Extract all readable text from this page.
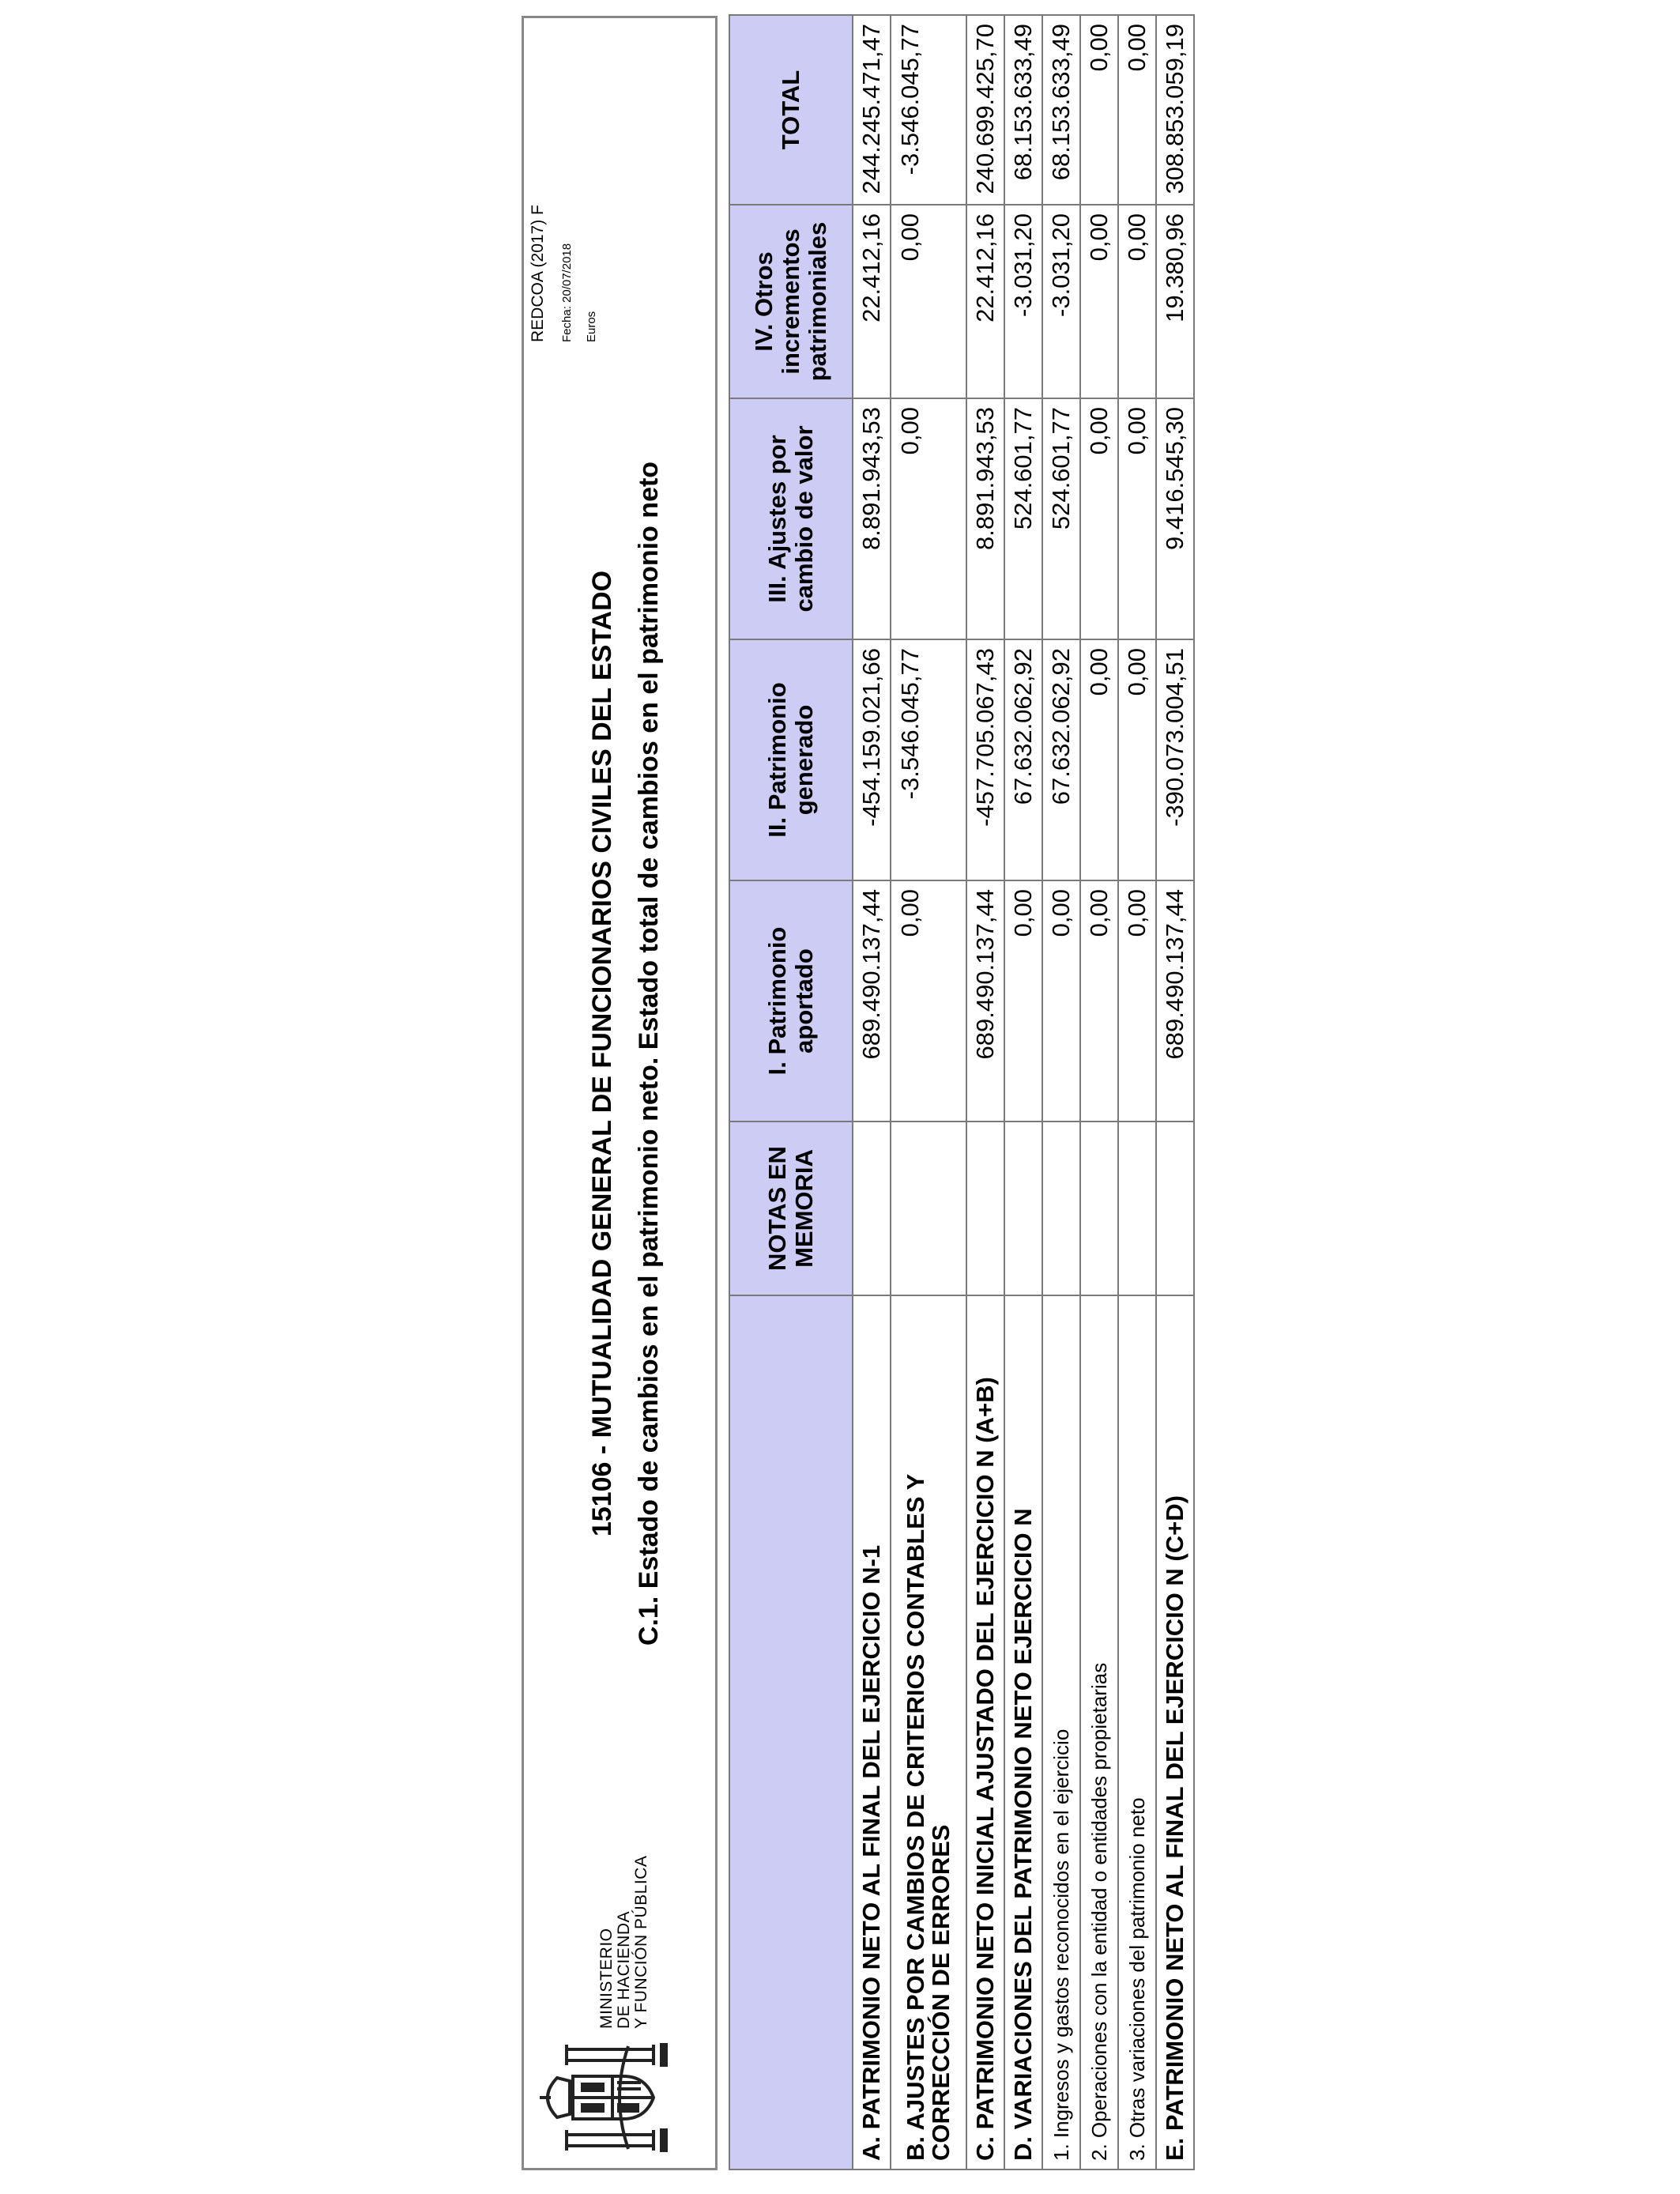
MINISTERIO DE HACIENDA Y FUNCIÓN PÚBLICA
15106 - MUTUALIDAD GENERAL DE FUNCIONARIOS CIVILES DEL ESTADO C.1. Estado de cambios en el patrimonio neto. Estado total de cambios en el patrimonio neto
REDCOA (2017) F Fecha: 20/07/2018 Euros
	NOTAS EN MEMORIA	I. Patrimonio aportado	II. Patrimonio generado	III. Ajustes por cambio de valor	IV. Otros incrementos patrimoniales	TOTAL
A. PATRIMONIO NETO AL FINAL DEL EJERCICIO N-1		689.490.137,44	-454.159.021,66	8.891.943,53	22.412,16	244.245.471,47
B. AJUSTES POR CAMBIOS DE CRITERIOS CONTABLES Y CORRECCIÓN DE ERRORES		0,00	-3.546.045,77	0,00	0,00	-3.546.045,77
C. PATRIMONIO NETO INICIAL AJUSTADO DEL EJERCICIO N (A+B)		689.490.137,44	-457.705.067,43	8.891.943,53	22.412,16	240.699.425,70
D. VARIACIONES DEL PATRIMONIO NETO EJERCICIO N		0,00	67.632.062,92	524.601,77	-3.031,20	68.153.633,49
1. Ingresos y gastos reconocidos en el ejercicio		0,00	67.632.062,92	524.601,77	-3.031,20	68.153.633,49
2. Operaciones con la entidad o entidades propietarias		0,00	0,00	0,00	0,00	0,00
3. Otras variaciones del patrimonio neto		0,00	0,00	0,00	0,00	0,00
E. PATRIMONIO NETO AL FINAL DEL EJERCICIO N (C+D)		689.490.137,44	-390.073.004,51	9.416.545,30	19.380,96	308.853.059,19
